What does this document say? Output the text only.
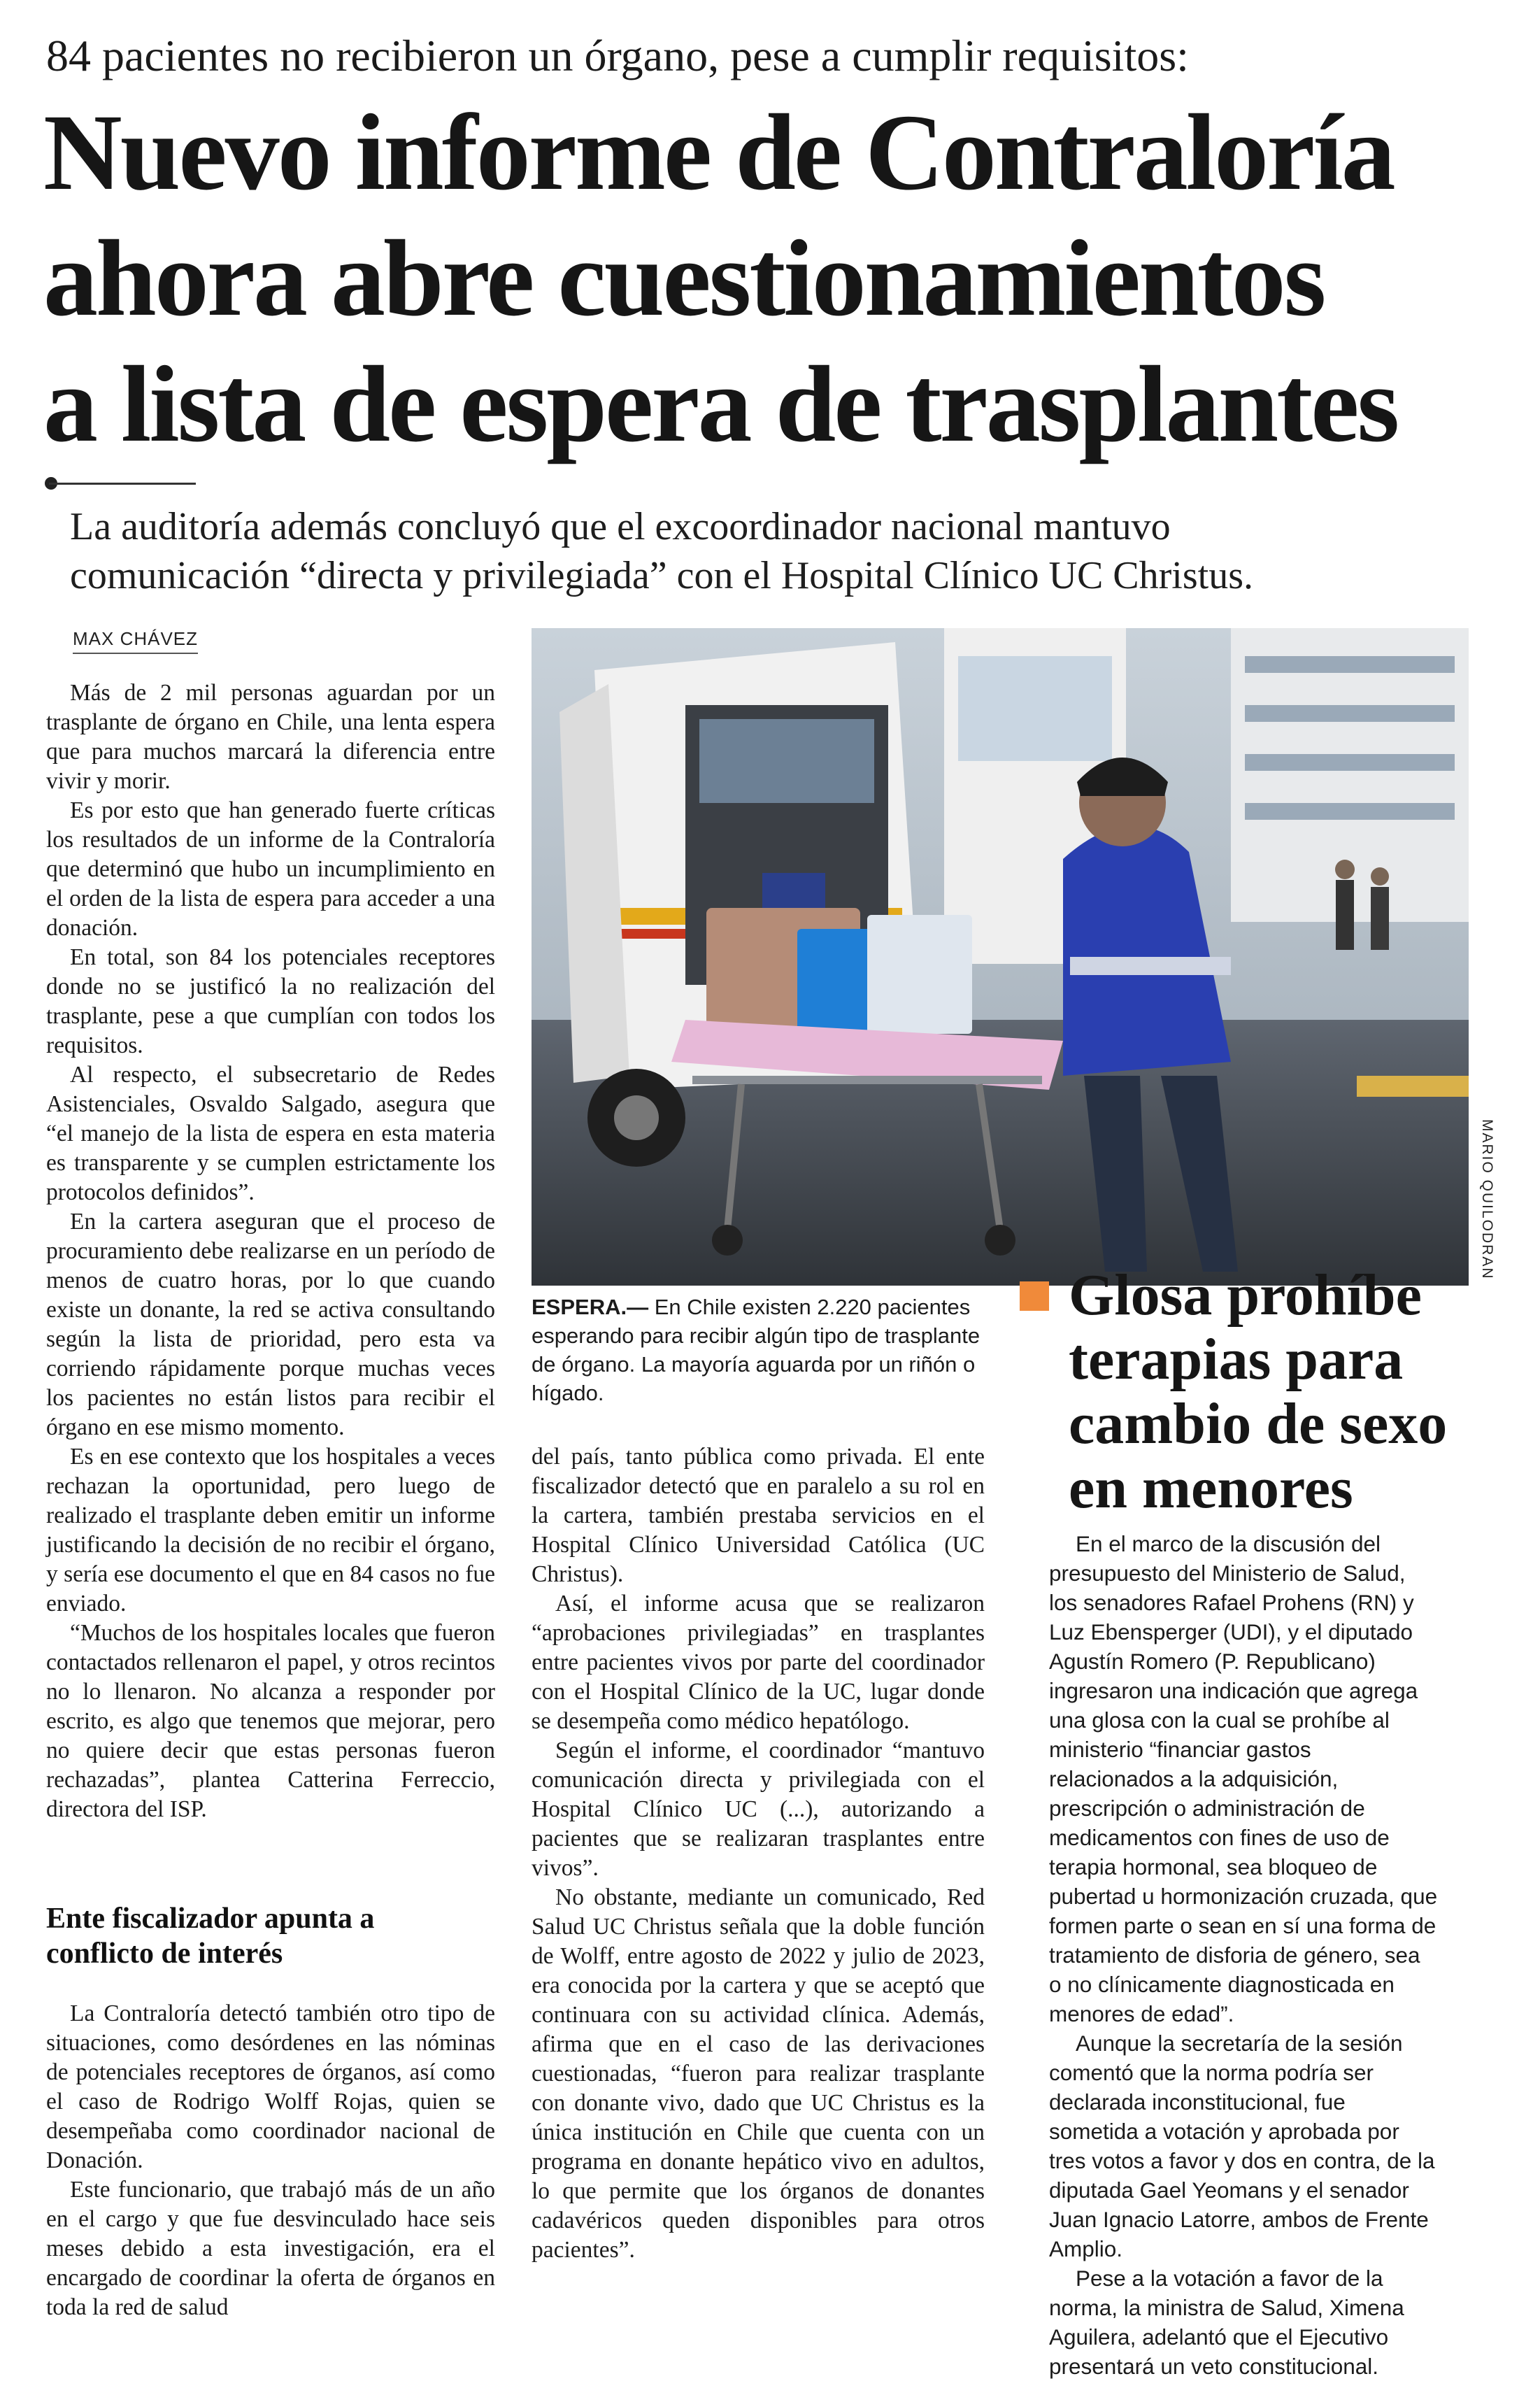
84 pacientes no recibieron un órgano, pese a cumplir requisitos:
Nuevo informe de Contraloría
ahora abre cuestionamientos
a lista de espera de trasplantes
La auditoría además concluyó que el excoordinador nacional mantuvo
comunicación “directa y privilegiada” con el Hospital Clínico UC Christus.
MAX CHÁVEZ

Más de 2 mil personas aguardan por un trasplante de órgano en Chile, una lenta espera que para muchos marcará la diferencia entre vivir y morir.

Es por esto que han generado fuerte críticas los resultados de un informe de la Contraloría que determinó que hubo un incumplimiento en el orden de la lista de espera para acceder a una donación.

En total, son 84 los potenciales receptores donde no se justificó la no realización del trasplante, pese a que cumplían con todos los requisitos.

Al respecto, el subsecretario de Redes Asistenciales, Osvaldo Salgado, asegura que “el manejo de la lista de espera en esta materia es transparente y se cumplen estrictamente los protocolos definidos”.

En la cartera aseguran que el proceso de procuramiento debe realizarse en un período de menos de cuatro horas, por lo que cuando existe un donante, la red se activa consultando según la lista de prioridad, pero esta va corriendo rápidamente porque muchas veces los pacientes no están listos para recibir el órgano en ese mismo momento.

Es en ese contexto que los hospitales a veces rechazan la oportunidad, pero luego de realizado el trasplante deben emitir un informe justificando la decisión de no recibir el órgano, y sería ese documento el que en 84 casos no fue enviado.

“Muchos de los hospitales locales que fueron contactados rellenaron el papel, y otros recintos no lo llenaron. No alcanza a responder por escrito, es algo que tenemos que mejorar, pero no quiere decir que estas personas fueron rechazadas”, plantea Catterina Ferreccio, directora del ISP.

Ente fiscalizador apunta a
conflicto de interés

La Contraloría detectó también otro tipo de situaciones, como desórdenes en las nóminas de potenciales receptores de órganos, así como el caso de Rodrigo Wolff Rojas, quien se desempeñaba como coordinador nacional de Donación.

Este funcionario, que trabajó más de un año en el cargo y que fue desvinculado hace seis meses debido a esta investigación, era el encargado de coordinar la oferta de órganos en toda la red de salud

MARIO QUILODRAN
ESPERA.— En Chile existen 2.220 pacientes esperando para recibir algún tipo de trasplante de órgano. La mayoría aguarda por un riñón o hígado.

del país, tanto pública como privada. El ente fiscalizador detectó que en paralelo a su rol en la cartera, también prestaba servicios en el Hospital Clínico Universidad Católica (UC Christus).

Así, el informe acusa que se realizaron “aprobaciones privilegiadas” en trasplantes entre pacientes vivos por parte del coordinador con el Hospital Clínico de la UC, lugar donde se desempeña como médico hepatólogo.

Según el informe, el coordinador “mantuvo comunicación directa y privilegiada con el Hospital Clínico UC (...), autorizando a pacientes que se realizaran trasplantes entre vivos”.

No obstante, mediante un comunicado, Red Salud UC Christus señala que la doble función de Wolff, entre agosto de 2022 y julio de 2023, era conocida por la cartera y que se aceptó que continuara con su actividad clínica. Además, afirma que en el caso de las derivaciones cuestionadas, “fueron para realizar trasplante con donante vivo, dado que UC Christus es la única institución en Chile que cuenta con un programa en donante hepático vivo en adultos, lo que permite que los órganos de donantes cadavéricos queden disponibles para otros pacientes”.

Glosa prohíbe
terapias para
cambio de sexo
en menores

En el marco de la discusión del presupuesto del Ministerio de Salud, los senadores Rafael Prohens (RN) y Luz Ebensperger (UDI), y el diputado Agustín Romero (P. Republicano) ingresaron una indicación que agrega una glosa con la cual se prohíbe al ministerio “financiar gastos relacionados a la adquisición, prescripción o administración de medicamentos con fines de uso de terapia hormonal, sea bloqueo de pubertad u hormonización cruzada, que formen parte o sean en sí una forma de tratamiento de disforia de género, sea o no clínicamente diagnosticada en menores de edad”.

Aunque la secretaría de la sesión comentó que la norma podría ser declarada inconstitucional, fue sometida a votación y aprobada por tres votos a favor y dos en contra, de la diputada Gael Yeomans y el senador Juan Ignacio Latorre, ambos de Frente Amplio.

Pese a la votación a favor de la norma, la ministra de Salud, Ximena Aguilera, adelantó que el Ejecutivo presentará un veto constitucional.
